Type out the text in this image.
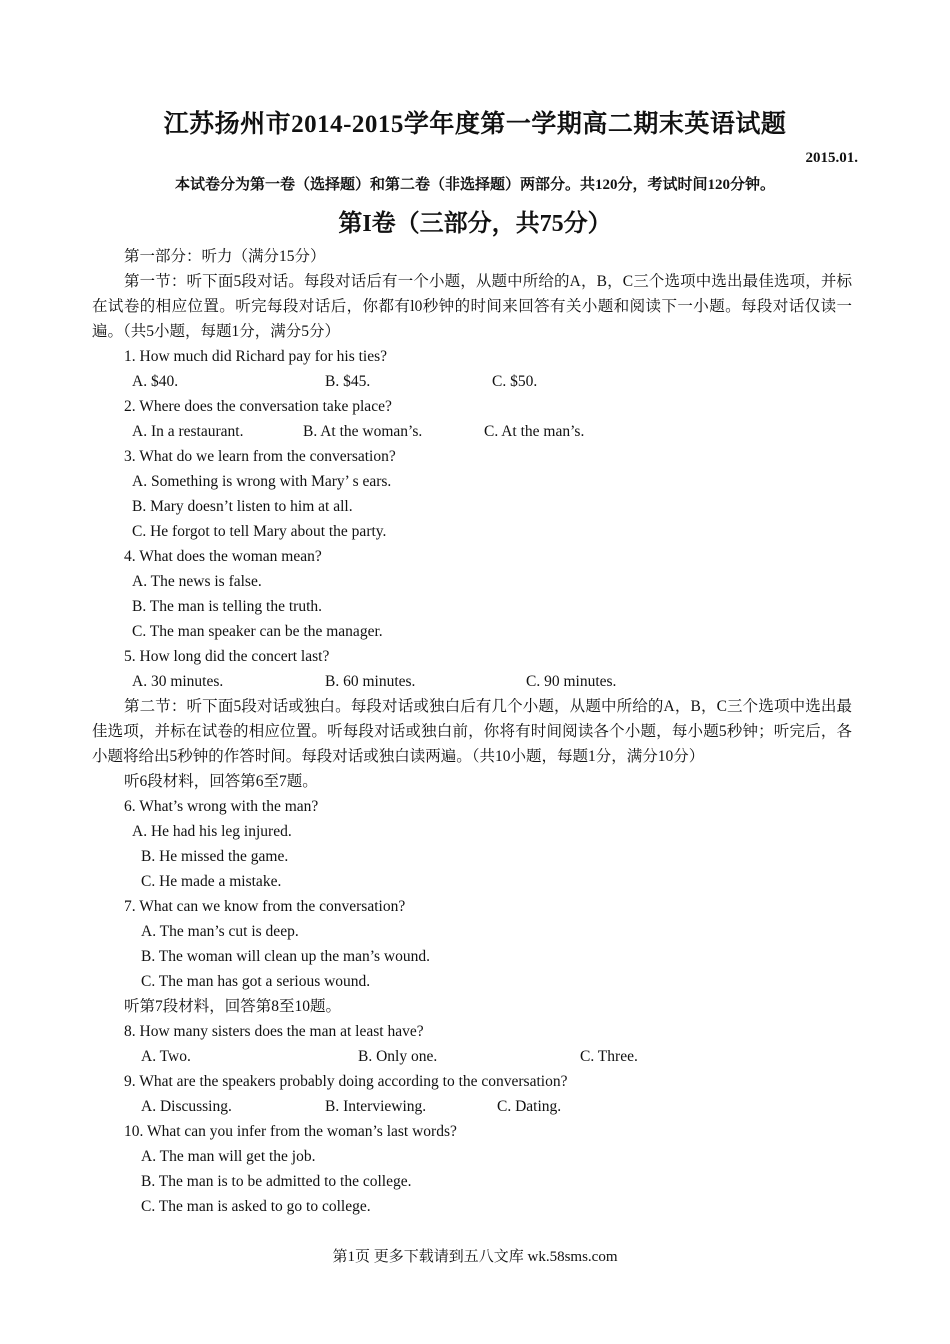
江苏扬州市2014-2015学年度第一学期高二期末英语试题
2015.01.
本试卷分为第一卷（选择题）和第二卷（非选择题）两部分。共120分，考试时间120分钟。
第I卷（三部分，共75分）

第一部分：听力（满分15分）

第一节：听下面5段对话。每段对话后有一个小题，从题中所给的A，B，C三个选项中选出最佳选项，并标在试卷的相应位置。听完每段对话后，你都有l0秒钟的时间来回答有关小题和阅读下一小题。每段对话仅读一遍。（共5小题，每题1分，满分5分）

1. How much did Richard pay for his ties?

A. $40.	B. $45.	C. $50.

2. Where does the conversation take place?

A. In a restaurant.	B. At the woman’s.	C. At the man’s.

3. What do we learn from the conversation?

A. Something is wrong with Mary’ s ears.

B. Mary doesn’t listen to him at all.

C. He forgot to tell Mary about the party.

4. What does the woman mean?

A. The news is false.

B. The man is telling the truth.

C. The man speaker can be the manager.

5. How long did the concert last?

A. 30 minutes.	B. 60 minutes.	C. 90 minutes.

第二节：听下面5段对话或独白。每段对话或独白后有几个小题，从题中所给的A，B，C三个选项中选出最佳选项，并标在试卷的相应位置。听每段对话或独白前，你将有时间阅读各个小题，每小题5秒钟；听完后，各小题将给出5秒钟的作答时间。每段对话或独白读两遍。（共10小题，每题1分，满分10分）

听6段材料，回答第6至7题。

6. What’s wrong with the man?

A. He had his leg injured.

B. He missed the game.

C. He made a mistake.

7. What can we know from the conversation?

A. The man’s cut is deep.

B. The woman will clean up the man’s wound.

C. The man has got a serious wound.

听第7段材料，回答第8至10题。

8. How many sisters does the man at least have?

A. Two.	B. Only one.	C. Three.

9. What are the speakers probably doing according to the conversation?

A. Discussing.	B. Interviewing.	C. Dating.

10. What can you infer from the woman’s last words?

A. The man will get the job.

B. The man is to be admitted to the college.

C. The man is asked to go to college.

第1页 更多下载请到五八文库 wk.58sms.com
